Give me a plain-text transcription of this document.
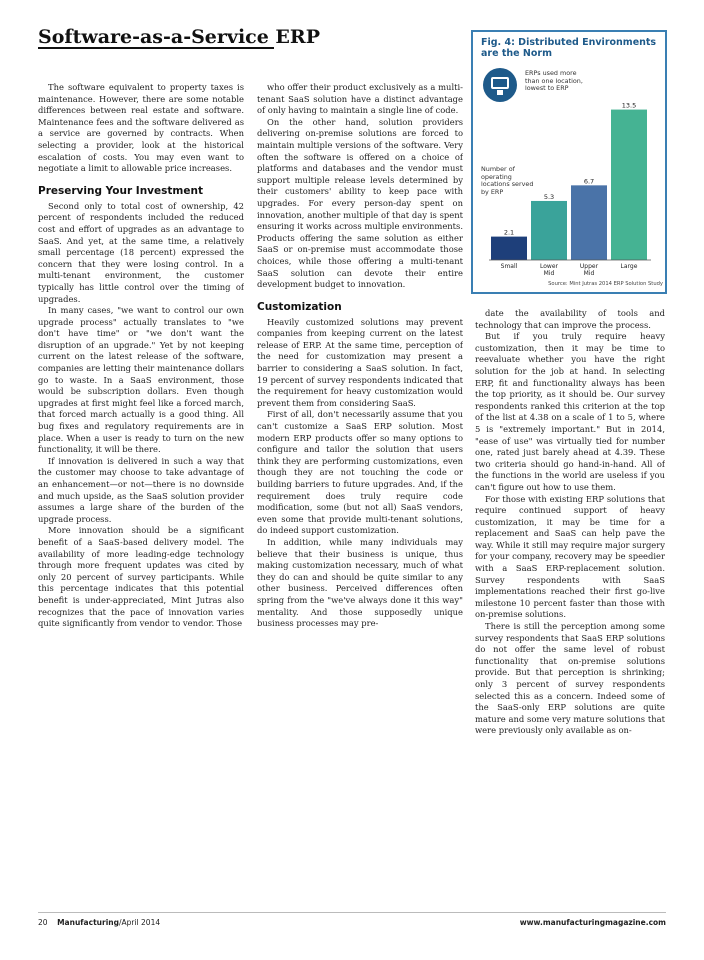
Software-as-a-Service ERP

The software equivalent to property taxes is maintenance. However, there are some notable differences between real estate and software. Maintenance fees and the software delivered as a service are governed by contracts. When selecting a provider, look at the historical escalation of costs. You may even want to negotiate a limit to allowable price increases.

Preserving Your Investment

Second only to total cost of ownership, 42 percent of respondents included the reduced cost and effort of upgrades as an advantage to SaaS. And yet, at the same time, a relatively small percentage (18 percent) expressed the concern that they were losing control. In a multi-tenant environment, the customer typically has little control over the timing of upgrades.

In many cases, "we want to control our own upgrade process" actually translates to "we don't have time" or "we don't want the disruption of an upgrade." Yet by not keeping current on the latest release of the software, companies are letting their maintenance dollars go to waste. In a SaaS environment, those would be subscription dollars. Even though upgrades at first might feel like a forced march, that forced march actually is a good thing. All bug fixes and regulatory requirements are in place. When a user is ready to turn on the new functionality, it will be there.

If innovation is delivered in such a way that the customer may choose to take advantage of an enhancement—or not—there is no downside and much upside, as the SaaS solution provider assumes a large share of the burden of the upgrade process.

More innovation should be a significant benefit of a SaaS-based delivery model. The availability of more leading-edge technology through more frequent updates was cited by only 20 percent of survey participants. While this percentage indicates that this potential benefit is under-appreciated, Mint Jutras also recognizes that the pace of innovation varies quite significantly from vendor to vendor. Those

who offer their product exclusively as a multi-tenant SaaS solution have a distinct advantage of only having to maintain a single line of code.

On the other hand, solution providers delivering on-premise solutions are forced to maintain multiple versions of the software. Very often the software is offered on a choice of platforms and databases and the vendor must support multiple release levels determined by their customers' ability to keep pace with upgrades. For every person-day spent on innovation, another multiple of that day is spent ensuring it works across multiple environments. Products offering the same solution as either SaaS or on-premise must accommodate those choices, while those offering a multi-tenant SaaS solution can devote their entire development budget to innovation.

Customization

Heavily customized solutions may prevent companies from keeping current on the latest release of ERP. At the same time, perception of the need for customization may present a barrier to considering a SaaS solution. In fact, 19 percent of survey respondents indicated that the requirement for heavy customization would prevent them from considering SaaS.

First of all, don't necessarily assume that you can't customize a SaaS ERP solution. Most modern ERP products offer so many options to configure and tailor the solution that users think they are performing customizations, even though they are not touching the code or building barriers to future upgrades. And, if the requirement does truly require code modification, some (but not all) SaaS vendors, even some that provide multi-tenant solutions, do indeed support customization.

In addition, while many individuals may believe that their business is unique, thus making customization necessary, much of what they do can and should be quite similar to any other business. Perceived differences often spring from the "we've always done it this way" mentality. And those supposedly unique business processes may pre-

date the availability of tools and technology that can improve the process.

But if you truly require heavy customization, then it may be time to reevaluate whether you have the right solution for the job at hand. In selecting ERP, fit and functionality always has been the top priority, as it should be. Our survey respondents ranked this criterion at the top of the list at 4.38 on a scale of 1 to 5, where 5 is "extremely important." But in 2014, "ease of use" was virtually tied for number one, rated just barely ahead at 4.39. These two criteria should go hand-in-hand. All of the functions in the world are useless if you can't figure out how to use them.

For those with existing ERP solutions that require continued support of heavy customization, it may be time for a replacement and SaaS can help pave the way. While it still may require major surgery for your company, recovery may be speedier with a SaaS ERP-replacement solution. Survey respondents with SaaS implementations reached their first go-live milestone 10 percent faster than those with on-premise solutions.

There is still the perception among some survey respondents that SaaS ERP solutions do not offer the same level of robust functionality that on-premise solutions provide. But that perception is shrinking; only 3 percent of survey respondents selected this as a concern. Indeed some of the SaaS-only ERP solutions are quite mature and some very mature solutions that were previously only available as on-

Fig. 4: Distributed Environments are the Norm
ERPs used more than one location, lowest to ERP
Number of operating locations served by ERP
2.1
Small
5.3
Lower
Mid
6.7
Upper
Mid
13.5
Large
Source: Mint Jutras 2014 ERP Solution Study
20 Manufacturing/April 2014	www.manufacturingmagazine.com
